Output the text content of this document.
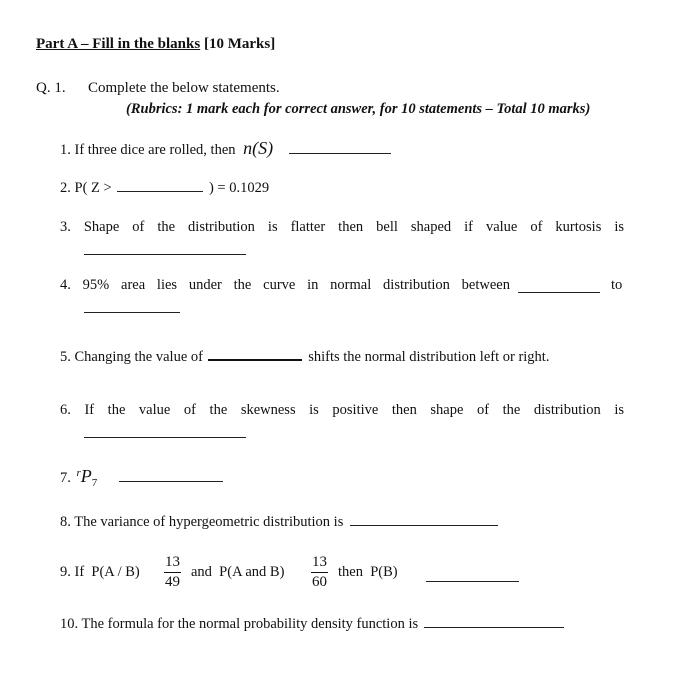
Part A – Fill in the blanks [10 Marks]
Q. 1. Complete the below statements.
(Rubrics: 1 mark each for correct answer, for 10 statements – Total 10 marks)
1. If three dice are rolled, then n(S)
2. P( Z >	) = 0.1029
3. Shape of the distribution is flatter then bell shaped if value of kurtosis is
4. 95% area lies under the curve in normal distribution between	to
5. Changing the value of	shifts the normal distribution left or right.
6. If the value of the skewness is positive then shape of the distribution is
7. $^rP_7$
8. The variance of hypergeometric distribution is
9. If  $P(A / B) \frac{13}{49}$ and  P(A and $B) \frac{13}{60}$ then  P(B)
10. The formula for the normal probability density function is
